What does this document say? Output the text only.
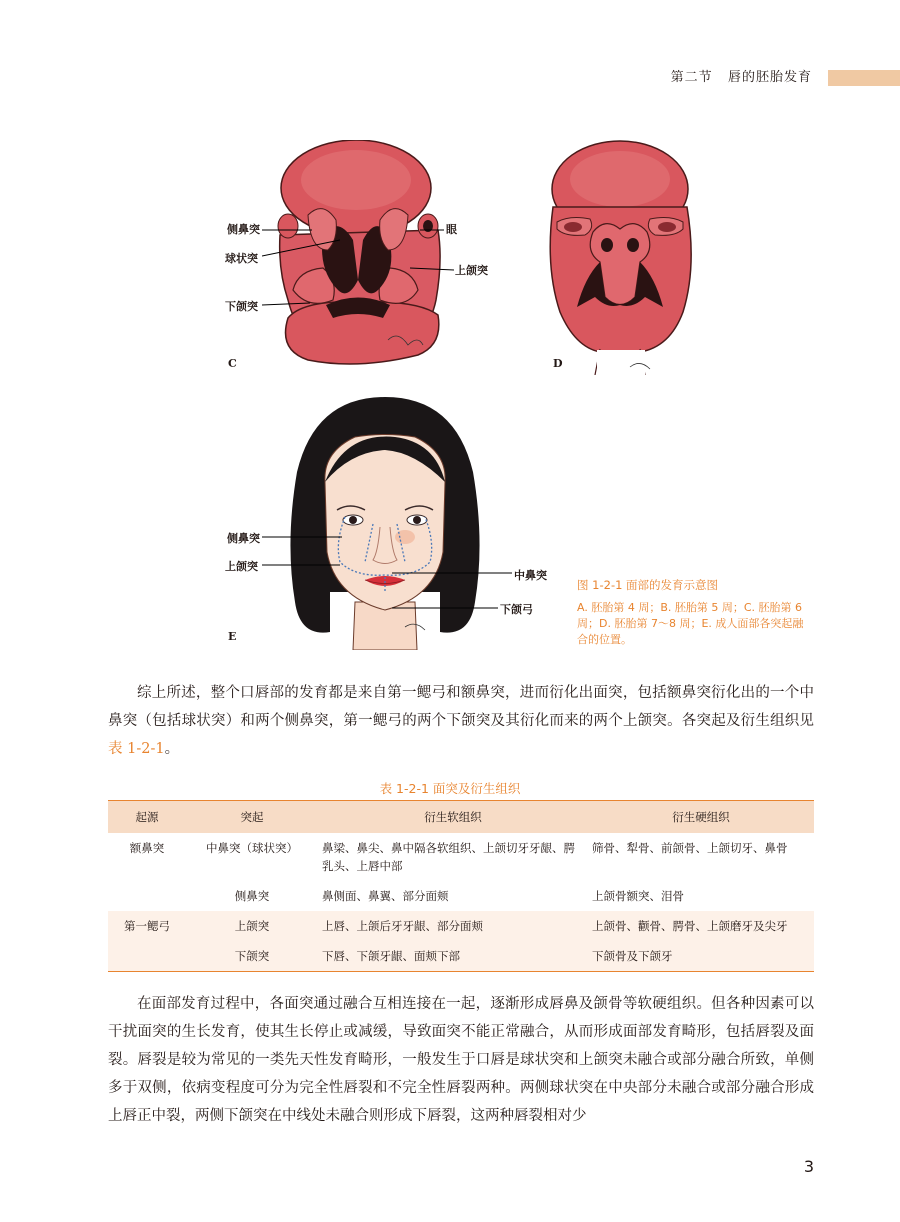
第二节 唇的胚胎发育
侧鼻突
球状突
下颌突
眼
上颌突
C	D
侧鼻突
上颌突
中鼻突
下颌弓
E
图 1-2-1 面部的发育示意图
A. 胚胎第 4 周；B. 胚胎第 5 周；C. 胚胎第 6 周；D. 胚胎第 7～8 周；E. 成人面部各突起融合的位置。
综上所述，整个口唇部的发育都是来自第一鳃弓和额鼻突，进而衍化出面突，包括额鼻突衍化出的一个中鼻突（包括球状突）和两个侧鼻突，第一鳃弓的两个下颌突及其衍化而来的两个上颌突。各突起及衍生组织见表 1-2-1。
表 1-2-1 面突及衍生组织
起源	突起	衍生软组织	衍生硬组织
额鼻突	中鼻突（球状突）	鼻梁、鼻尖、鼻中隔各软组织、上颌切牙牙龈、腭乳头、上唇中部	筛骨、犁骨、前颌骨、上颌切牙、鼻骨
	侧鼻突	鼻侧面、鼻翼、部分面颊	上颌骨额突、泪骨
第一鳃弓	上颌突	上唇、上颌后牙牙龈、部分面颊	上颌骨、颧骨、腭骨、上颌磨牙及尖牙
	下颌突	下唇、下颌牙龈、面颊下部	下颌骨及下颌牙
在面部发育过程中，各面突通过融合互相连接在一起，逐渐形成唇鼻及颌骨等软硬组织。但各种因素可以干扰面突的生长发育，使其生长停止或减缓，导致面突不能正常融合，从而形成面部发育畸形，包括唇裂及面裂。唇裂是较为常见的一类先天性发育畸形，一般发生于口唇是球状突和上颌突未融合或部分融合所致，单侧多于双侧，依病变程度可分为完全性唇裂和不完全性唇裂两种。两侧球状突在中央部分未融合或部分融合形成上唇正中裂，两侧下颌突在中线处未融合则形成下唇裂，这两种唇裂相对少
3
